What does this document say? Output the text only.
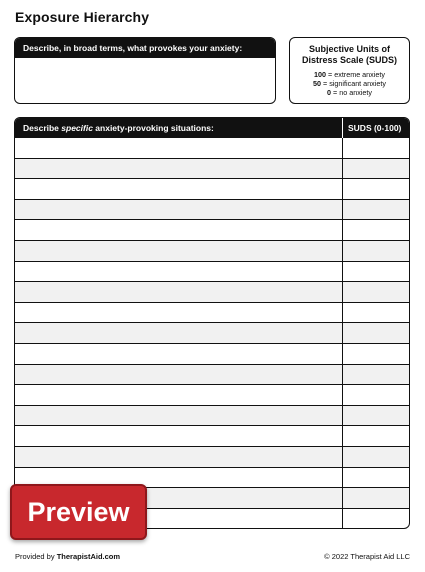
Exposure Hierarchy
Describe, in broad terms, what provokes your anxiety:	Subjective Units of
Distress Scale (SUDS)
100 = extreme anxiety
50 = significant anxiety
0 = no anxiety
Describe specific anxiety-provoking situations:	SUDS (0-100)
Preview
Provided by TherapistAid.com	© 2022 Therapist Aid LLC
